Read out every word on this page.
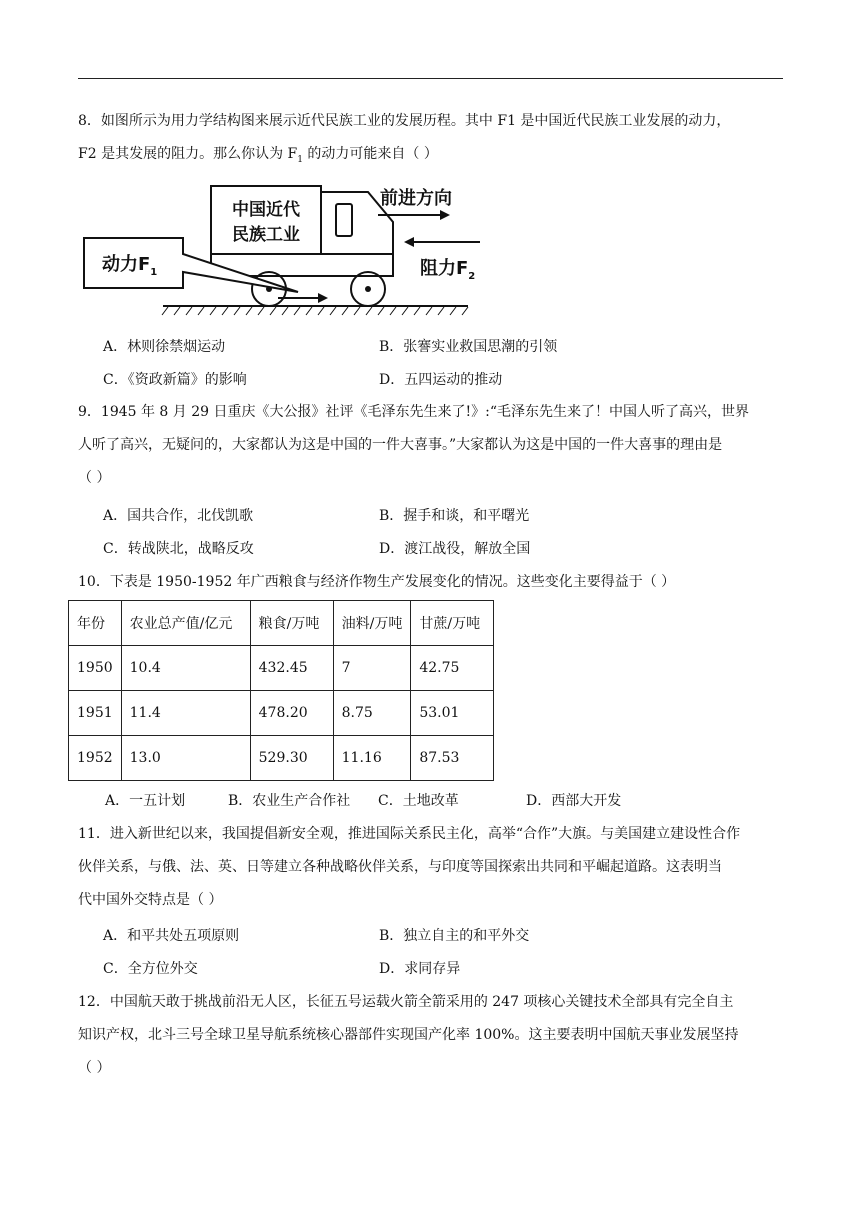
8．如图所示为用力学结构图来展示近代民族工业的发展历程。其中 F1 是中国近代民族工业发展的动力，
F2 是其发展的阻力。那么你认为 $F_1$ 的动力可能来自（ ）
中国近代
民族工业
前进方向
阻力$F_2$
动力$F_1$
A．林则徐禁烟运动	B．张謇实业救国思潮的引领
C．《资政新篇》的影响	D．五四运动的推动
9．1945 年 8 月 29 日重庆《大公报》社评《毛泽东先生来了!》:“毛泽东先生来了！中国人听了高兴，世界
人听了高兴，无疑问的，大家都认为这是中国的一件大喜事。”大家都认为这是中国的一件大喜事的理由是
（ ）
A．国共合作，北伐凯歌	B．握手和谈，和平曙光
C．转战陕北，战略反攻	D．渡江战役，解放全国
10．下表是 1950-1952 年广西粮食与经济作物生产发展变化的情况。这些变化主要得益于（ ）
年份	农业总产值/亿元	粮食/万吨	油料/万吨	甘蔗/万吨
1950	10.4	432.45	7	42.75
1951	11.4	478.20	8.75	53.01
1952	13.0	529.30	11.16	87.53
A．一五计划	B．农业生产合作社 C．土地改革	D．西部大开发
11．进入新世纪以来，我国提倡新安全观，推进国际关系民主化，高举“合作”大旗。与美国建立建设性合作
伙伴关系，与俄、法、英、日等建立各种战略伙伴关系，与印度等国探索出共同和平崛起道路。这表明当
代中国外交特点是（ ）
A．和平共处五项原则	B．独立自主的和平外交
C．全方位外交	D．求同存异
12．中国航天敢于挑战前沿无人区，长征五号运载火箭全箭采用的 247 项核心关键技术全部具有完全自主
知识产权，北斗三号全球卫星导航系统核心器部件实现国产化率 100%。这主要表明中国航天事业发展坚持
（ ）
